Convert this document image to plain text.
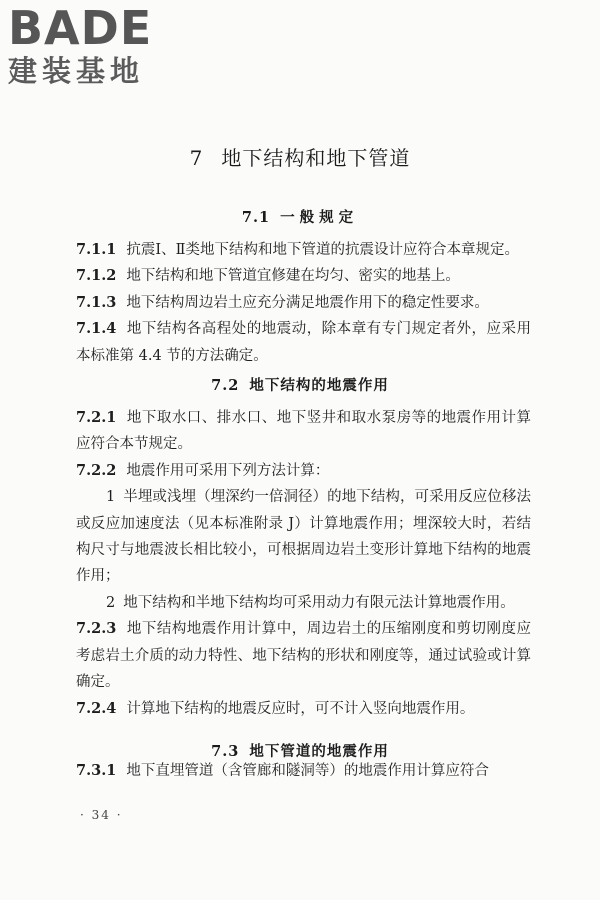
BADE
建装基地
7 地下结构和地下管道
7.1 一般规定

7.1.1 抗震Ⅰ、Ⅱ类地下结构和地下管道的抗震设计应符合本章规定。

7.1.2 地下结构和地下管道宜修建在均匀、密实的地基上。

7.1.3 地下结构周边岩土应充分满足地震作用下的稳定性要求。

7.1.4 地下结构各高程处的地震动，除本章有专门规定者外，应采用本标准第 4.4 节的方法确定。

7.2.1 地下取水口、排水口、地下竖井和取水泵房等的地震作用计算应符合本节规定。

7.2.2 地震作用可采用下列方法计算：

1 半埋或浅埋（埋深约一倍洞径）的地下结构，可采用反应位移法或反应加速度法（见本标准附录 J）计算地震作用；埋深较大时，若结构尺寸与地震波长相比较小，可根据周边岩土变形计算地下结构的地震作用；

2 地下结构和半地下结构均可采用动力有限元法计算地震作用。

7.2.3 地下结构地震作用计算中，周边岩土的压缩刚度和剪切刚度应考虑岩土介质的动力特性、地下结构的形状和刚度等，通过试验或计算确定。

7.2.4 计算地下结构的地震反应时，可不计入竖向地震作用。

7.3.1 地下直埋管道（含管廊和隧洞等）的地震作用计算应符合

7.2 地下结构的地震作用
7.3 地下管道的地震作用
· 34 ·
